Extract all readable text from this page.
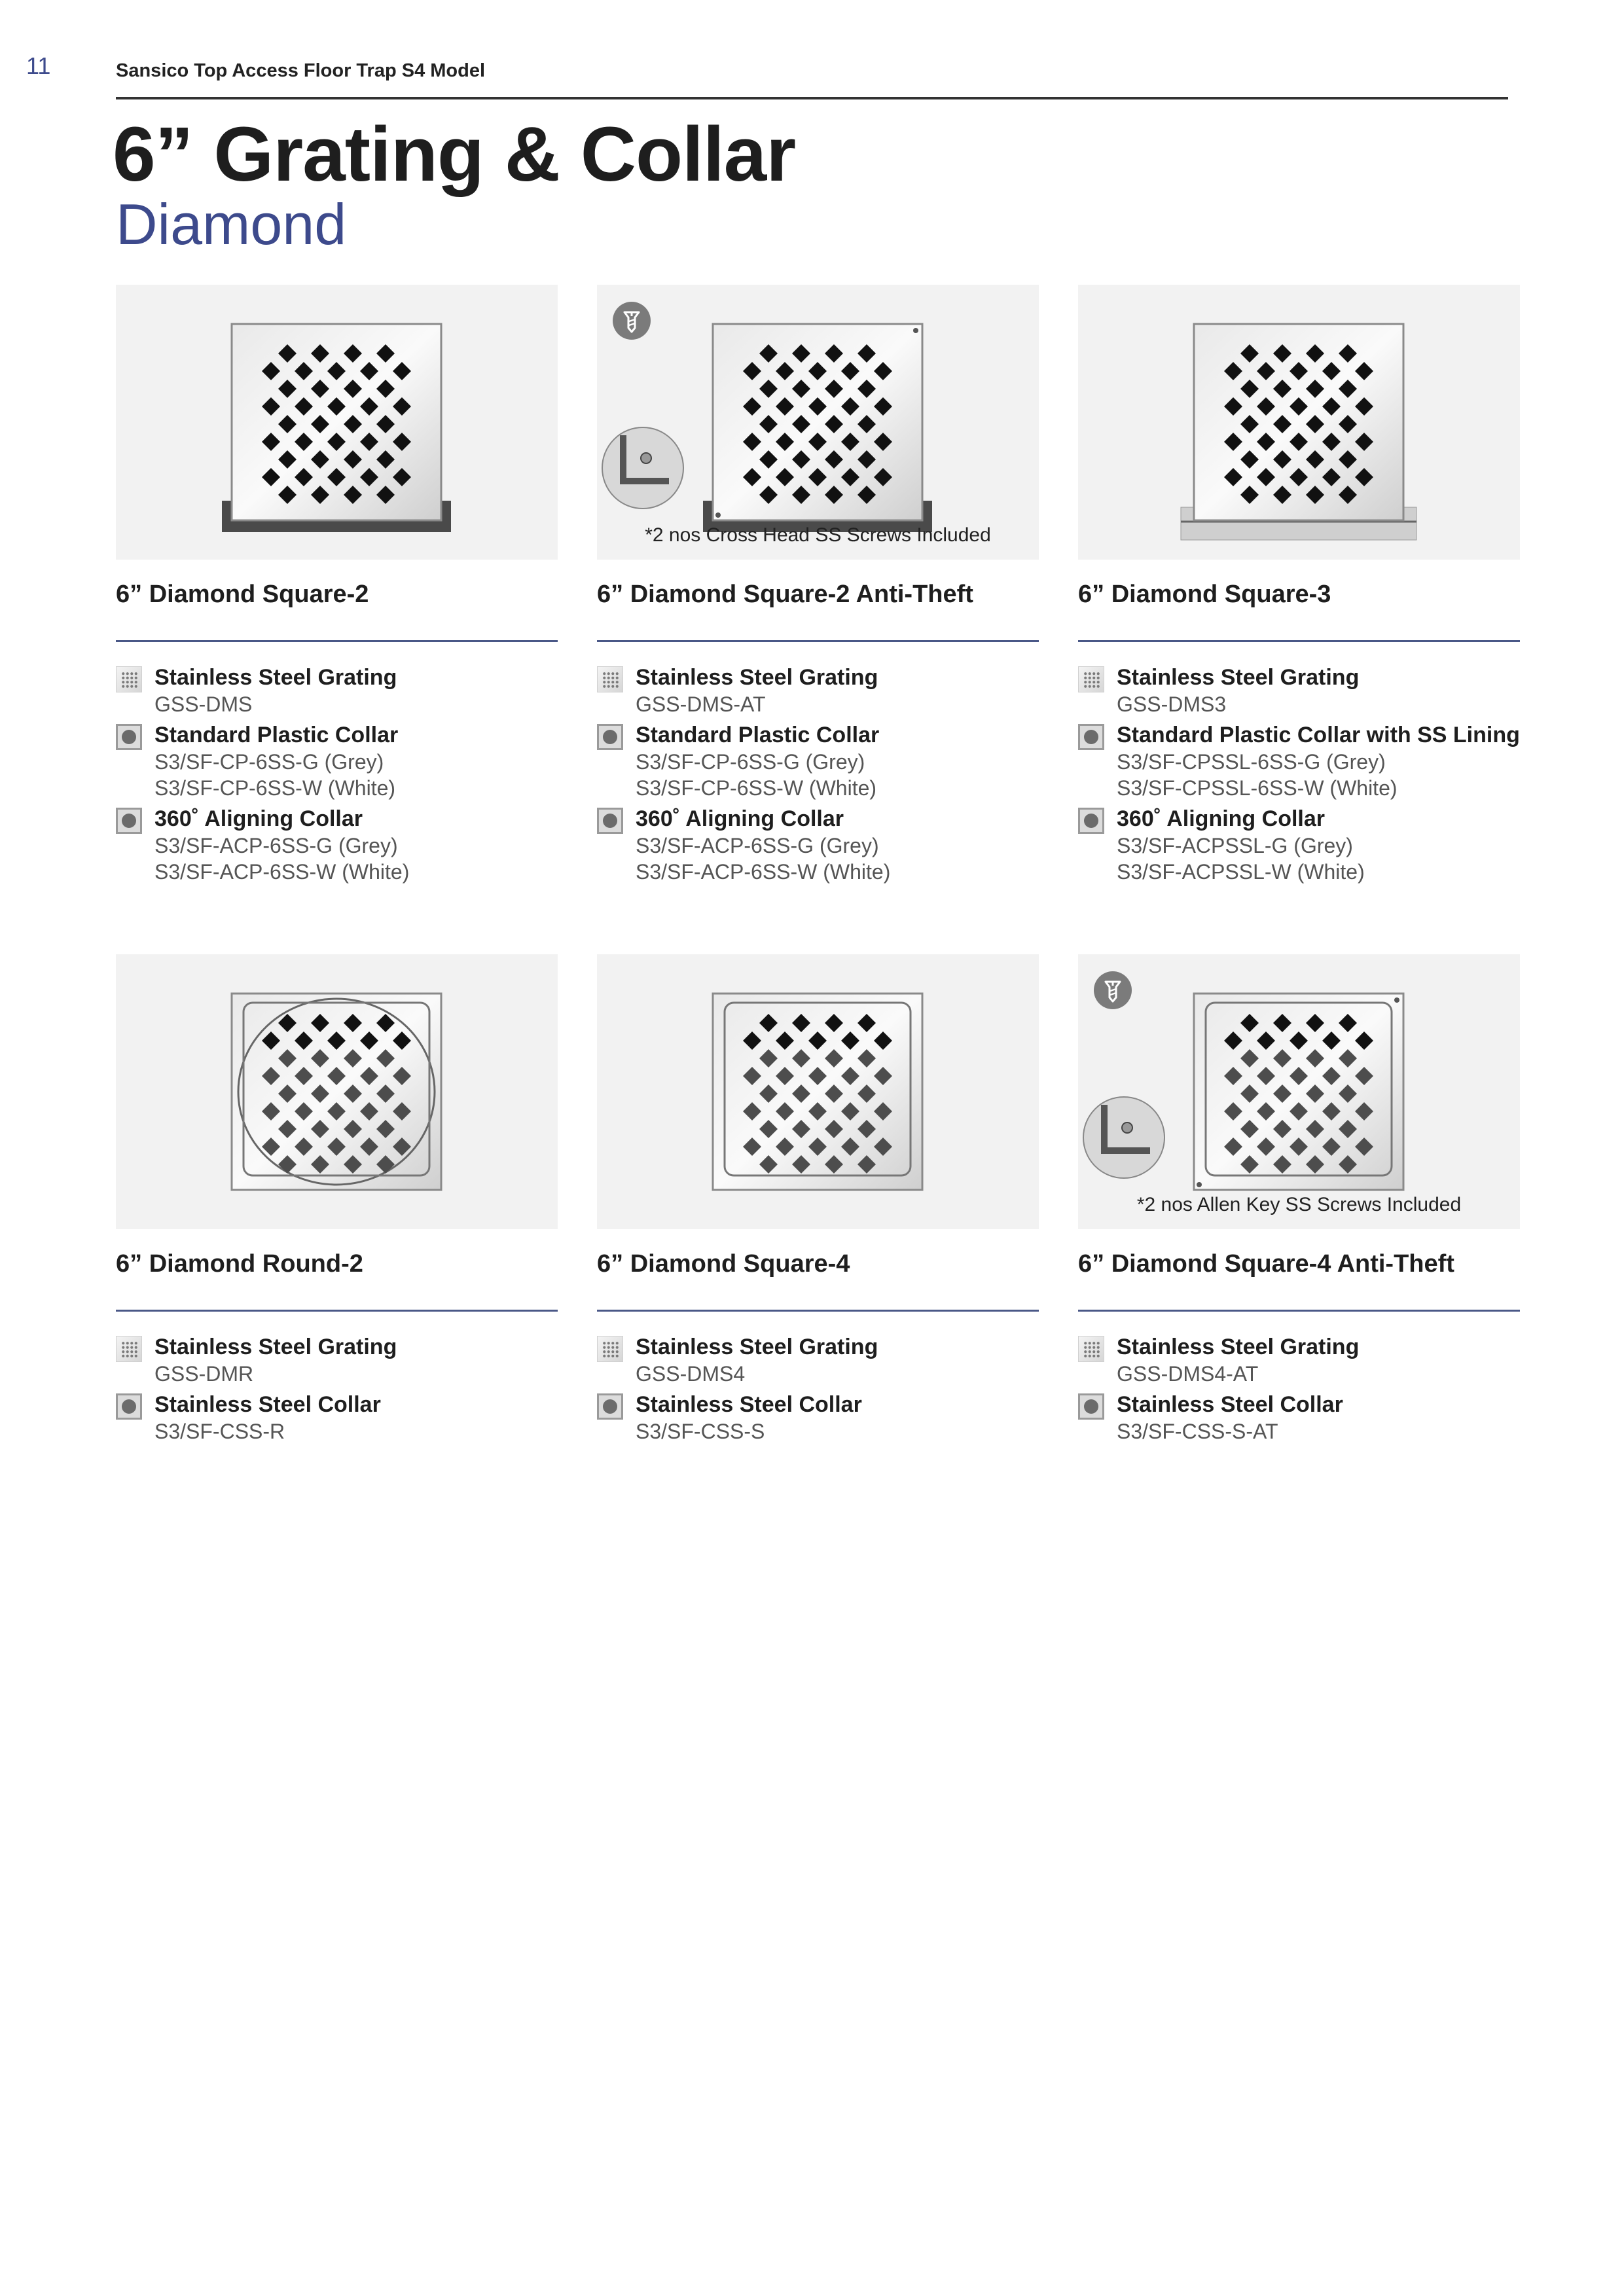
11	Sansico Top Access Floor Trap S4 Model
6” Grating & Collar
Diamond
6” Diamond Square-2
Stainless Steel Grating
GSS-DMS
Standard Plastic Collar
S3/SF-CP-6SS-G (Grey)
S3/SF-CP-6SS-W (White)
360˚ Aligning Collar
S3/SF-ACP-6SS-G (Grey)
S3/SF-ACP-6SS-W (White)
*2 nos Cross Head SS Screws Included
6” Diamond Square-2 Anti-Theft
Stainless Steel Grating
GSS-DMS-AT
Standard Plastic Collar
S3/SF-CP-6SS-G (Grey)
S3/SF-CP-6SS-W (White)
360˚ Aligning Collar
S3/SF-ACP-6SS-G (Grey)
S3/SF-ACP-6SS-W (White)
6” Diamond Square-3
Stainless Steel Grating
GSS-DMS3
Standard Plastic Collar with SS Lining
S3/SF-CPSSL-6SS-G (Grey)
S3/SF-CPSSL-6SS-W (White)
360˚ Aligning Collar
S3/SF-ACPSSL-G (Grey)
S3/SF-ACPSSL-W (White)
6” Diamond Round-2
Stainless Steel Grating
GSS-DMR
Stainless Steel Collar
S3/SF-CSS-R
6” Diamond Square-4
Stainless Steel Grating
GSS-DMS4
Stainless Steel Collar
S3/SF-CSS-S
*2 nos Allen Key SS Screws Included
6” Diamond Square-4 Anti-Theft
Stainless Steel Grating
GSS-DMS4-AT
Stainless Steel Collar
S3/SF-CSS-S-AT
